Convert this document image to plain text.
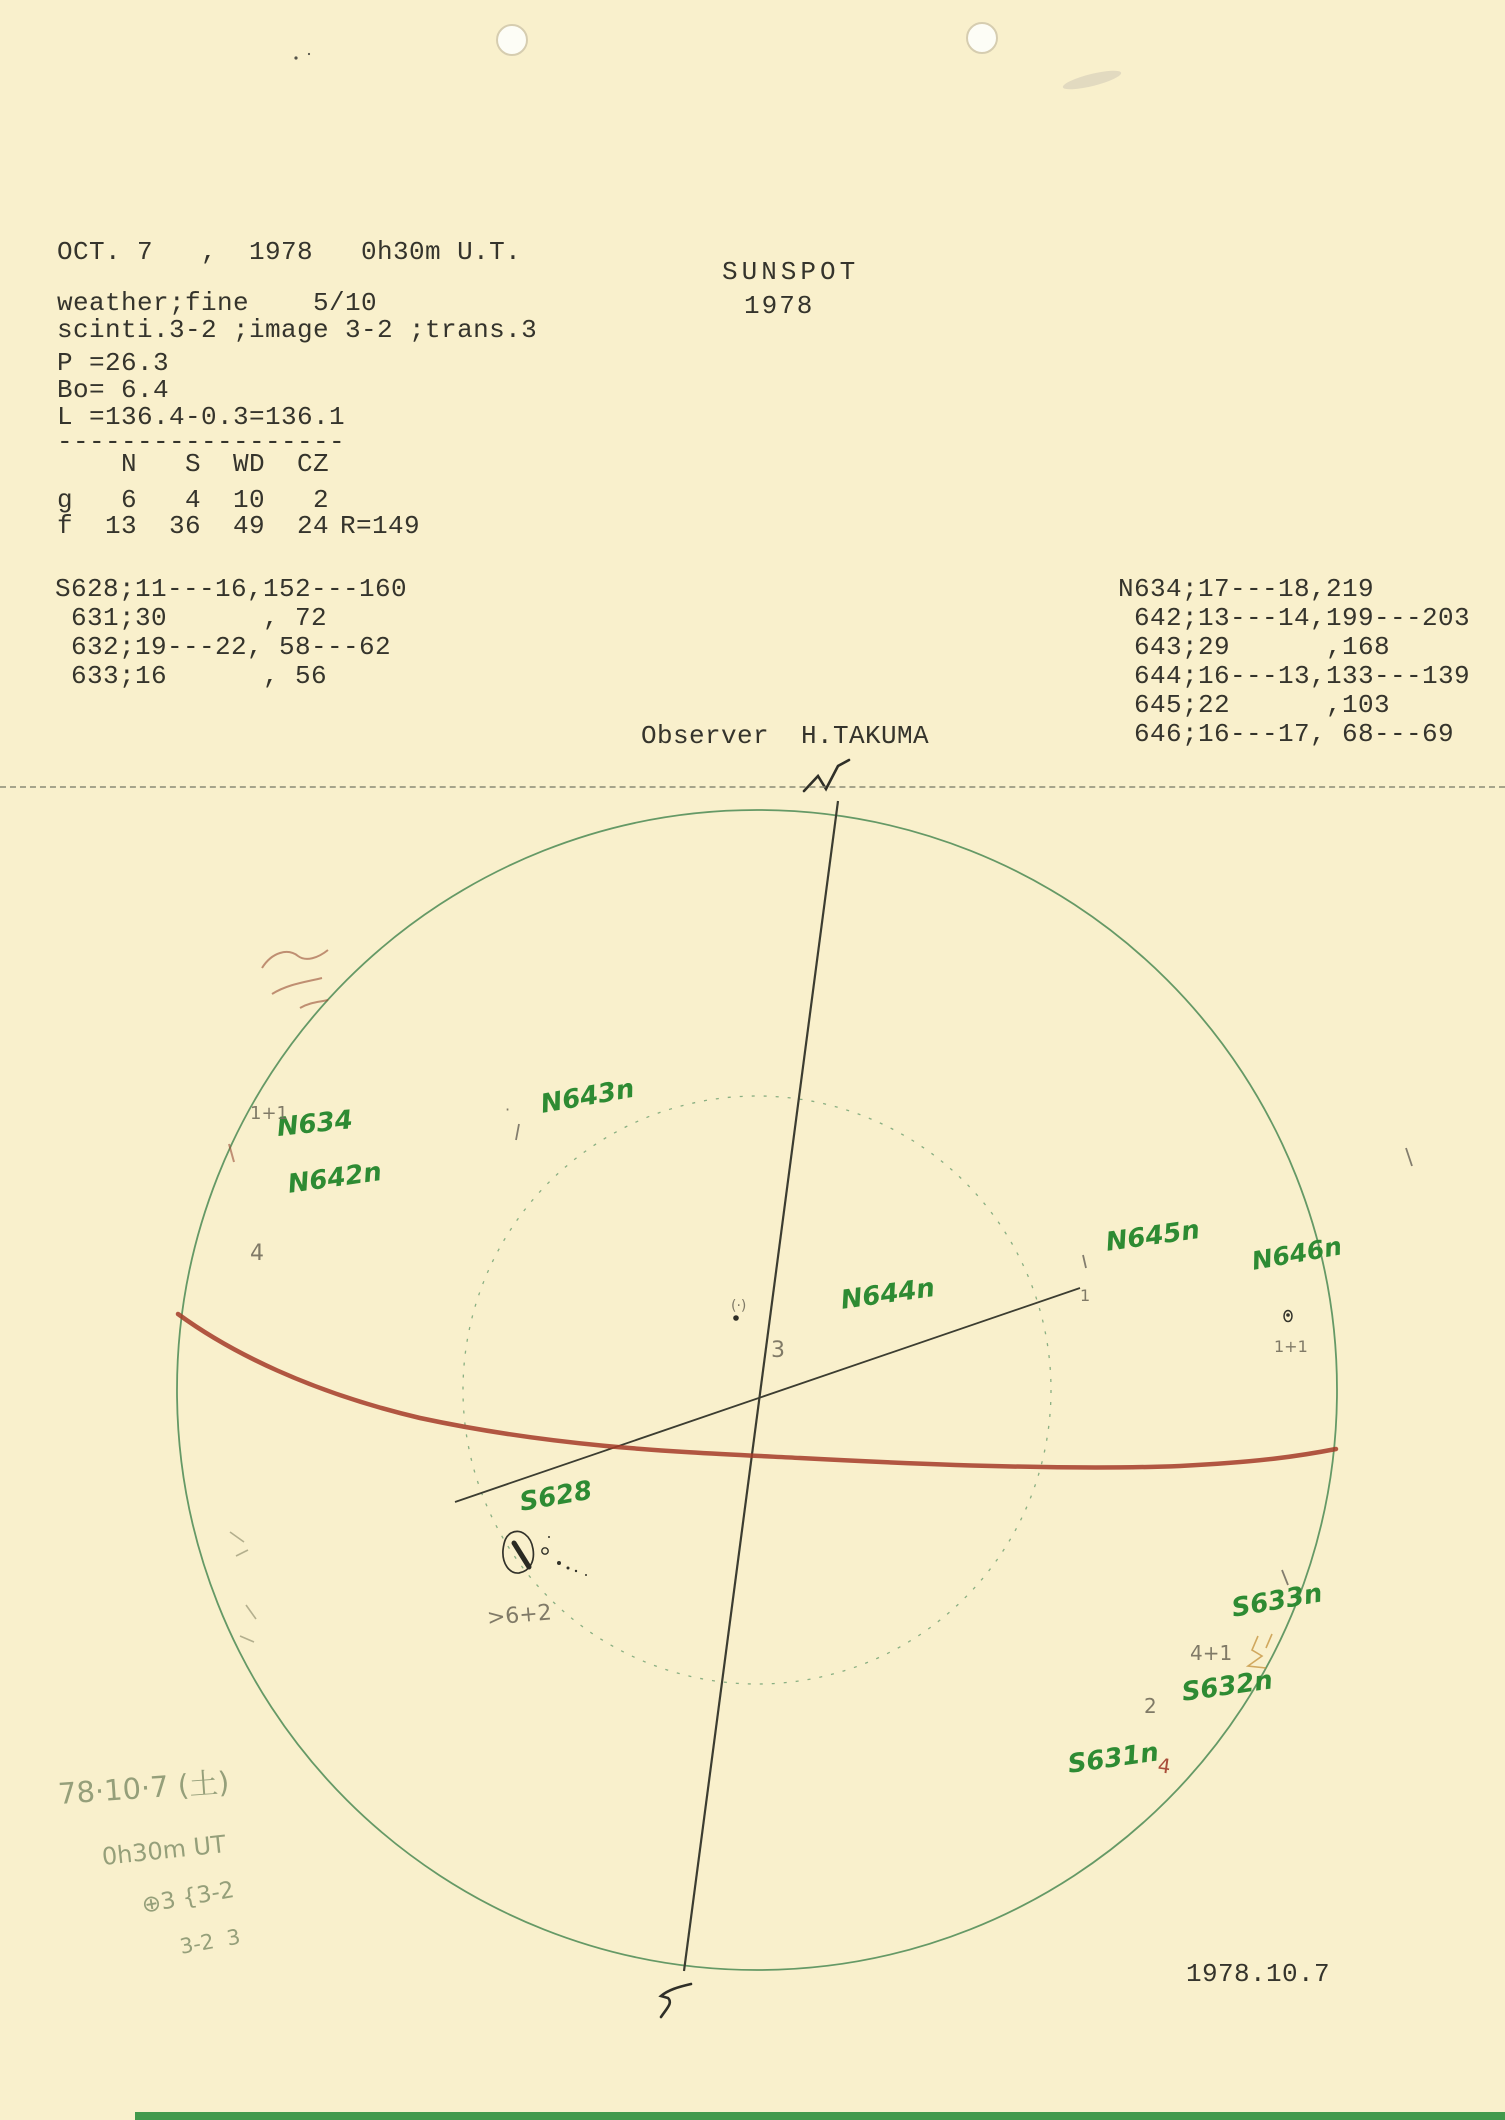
OCT. 7   ,  1978   0h30m U.T.
SUNSPOT
1978
weather;fine    5/10
scinti.3-2 ;image 3-2 ;trans.3
P =26.3
Bo= 6.4
L =136.4-0.3=136.1
------------------
N   S  WD  CZ
g   6   4  10   2
f  13  36  49  24 R=149
S628;11---16,152---160
631;30      , 72
632;19---22, 58---62
633;16      , 56
N634;17---18,219
642;13---14,199---203
643;29      ,168
644;16---13,133---139
645;22      ,103
646;16---17, 68---69
Observer  H.TAKUMA
N634
N642n
N643n
N644n
N645n N646n
S628
S633n
S632n
S631n
1+1	·
4
3
1
(·)
>6+2
4+1
2
1+1
4
78·10·7 (土)
0h30m UT
⊕3 {3-2
3-2  3
1978.10.7
